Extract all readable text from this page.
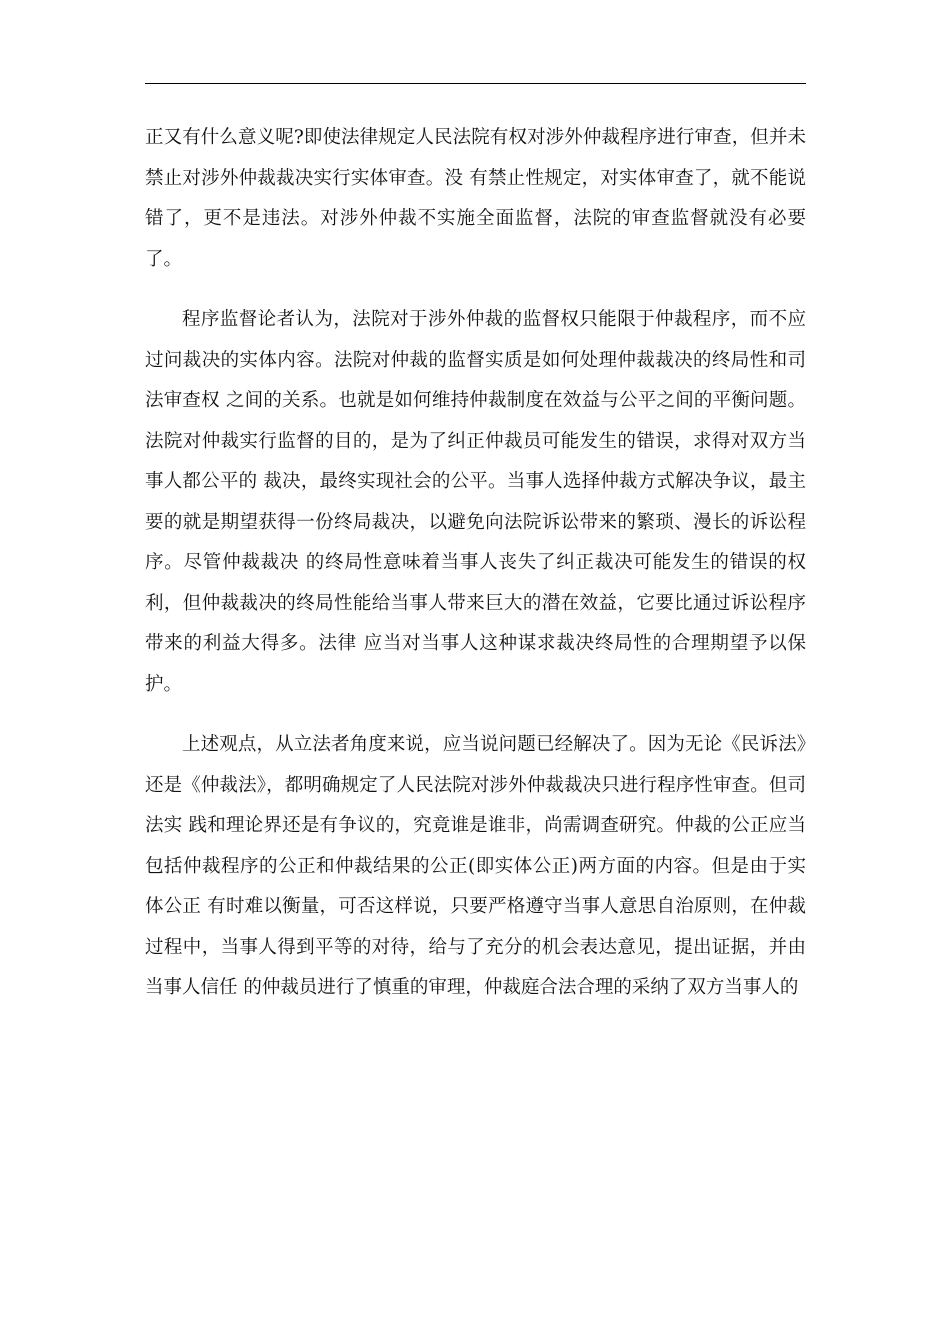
正又有什么意义呢?即使法律规定人民法院有权对涉外仲裁程序进行审查，但并未禁止对涉外仲裁裁决实行实体审查。没 有禁止性规定，对实体审查了，就不能说错了，更不是违法。对涉外仲裁不实施全面监督，法院的审查监督就没有必要了。

程序监督论者认为，法院对于涉外仲裁的监督权只能限于仲裁程序，而不应过问裁决的实体内容。法院对仲裁的监督实质是如何处理仲裁裁决的终局性和司法审查权 之间的关系。也就是如何维持仲裁制度在效益与公平之间的平衡问题。法院对仲裁实行监督的目的，是为了纠正仲裁员可能发生的错误，求得对双方当事人都公平的 裁决，最终实现社会的公平。当事人选择仲裁方式解决争议，最主要的就是期望获得一份终局裁决，以避免向法院诉讼带来的繁琐、漫长的诉讼程序。尽管仲裁裁决 的终局性意味着当事人丧失了纠正裁决可能发生的错误的权利，但仲裁裁决的终局性能给当事人带来巨大的潜在效益，它要比通过诉讼程序带来的利益大得多。法律 应当对当事人这种谋求裁决终局性的合理期望予以保护。

上述观点，从立法者角度来说，应当说问题已经解决了。因为无论《民诉法》还是《仲裁法》，都明确规定了人民法院对涉外仲裁裁决只进行程序性审查。但司法实 践和理论界还是有争议的，究竟谁是谁非，尚需调查研究。仲裁的公正应当包括仲裁程序的公正和仲裁结果的公正(即实体公正)两方面的内容。但是由于实体公正 有时难以衡量，可否这样说，只要严格遵守当事人意思自治原则，在仲裁过程中，当事人得到平等的对待，给与了充分的机会表达意见，提出证据，并由当事人信任 的仲裁员进行了慎重的审理，仲裁庭合法合理的采纳了双方当事人的
